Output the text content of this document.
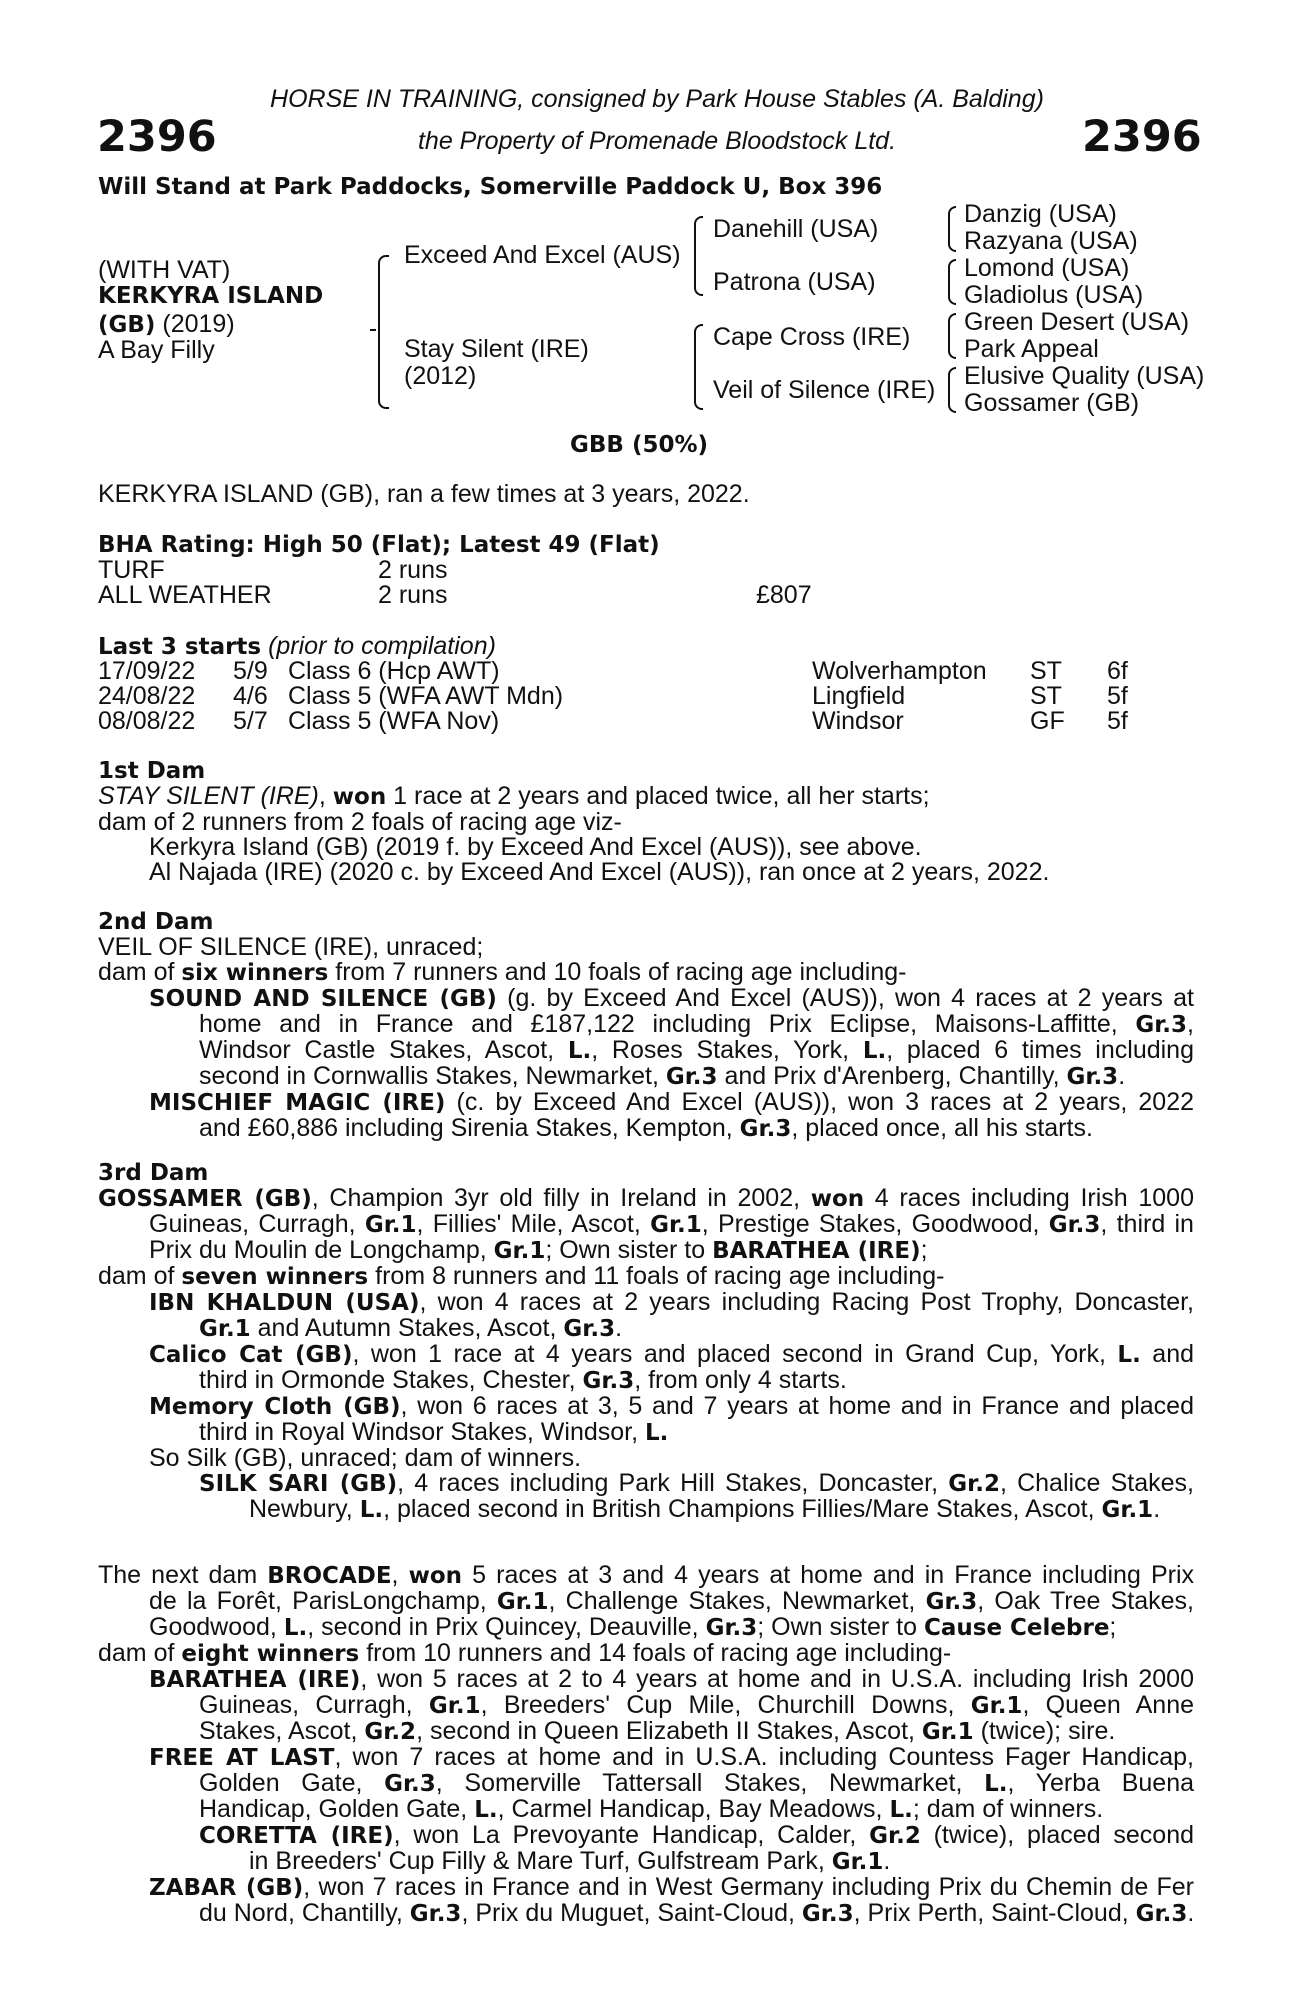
2396	2396
HORSE IN TRAINING, consigned by Park House Stables (A. Balding)
the Property of Promenade Bloodstock Ltd.
Will Stand at Park Paddocks, Somerville Paddock U, Box 396
(WITH VAT)
KERKYRA ISLAND
(GB) (2019)
A Bay Filly
Exceed And Excel (AUS)
Stay Silent (IRE)
(2012)
Danehill (USA)
Patrona (USA)
Cape Cross (IRE)
Veil of Silence (IRE)
Danzig (USA)
Razyana (USA)
Lomond (USA)
Gladiolus (USA)
Green Desert (USA)
Park Appeal
Elusive Quality (USA)
Gossamer (GB)
GBB (50%)
KERKYRA ISLAND (GB), ran a few times at 3 years, 2022.
BHA Rating: High 50 (Flat); Latest 49 (Flat)
TURF	2 runs
ALL WEATHER	2 runs	£807
Last 3 starts (prior to compilation)
17/09/22 5/9 Class 6 (Hcp AWT)	Wolverhampton ST 6f
24/08/22 4/6 Class 5 (WFA AWT Mdn)	Lingfield	ST 5f
08/08/22 5/7 Class 5 (WFA Nov)	Windsor	GF 5f
1st Dam
STAY SILENT (IRE), won 1 race at 2 years and placed twice, all her starts;
dam of 2 runners from 2 foals of racing age viz-
Kerkyra Island (GB) (2019 f. by Exceed And Excel (AUS)), see above.
Al Najada (IRE) (2020 c. by Exceed And Excel (AUS)), ran once at 2 years, 2022.
2nd Dam
VEIL OF SILENCE (IRE), unraced;
dam of six winners from 7 runners and 10 foals of racing age including-
SOUND AND SILENCE (GB) (g. by Exceed And Excel (AUS)), won 4 races at 2 years at
home and in France and £187,122 including Prix Eclipse, Maisons-Laffitte, Gr.3,
Windsor Castle Stakes, Ascot, L., Roses Stakes, York, L., placed 6 times including
second in Cornwallis Stakes, Newmarket, Gr.3 and Prix d'Arenberg, Chantilly, Gr.3.
MISCHIEF MAGIC (IRE) (c. by Exceed And Excel (AUS)), won 3 races at 2 years, 2022
and £60,886 including Sirenia Stakes, Kempton, Gr.3, placed once, all his starts.
3rd Dam
GOSSAMER (GB), Champion 3yr old filly in Ireland in 2002, won 4 races including Irish 1000
Guineas, Curragh, Gr.1, Fillies' Mile, Ascot, Gr.1, Prestige Stakes, Goodwood, Gr.3, third in
Prix du Moulin de Longchamp, Gr.1; Own sister to BARATHEA (IRE);
dam of seven winners from 8 runners and 11 foals of racing age including-
IBN KHALDUN (USA), won 4 races at 2 years including Racing Post Trophy, Doncaster,
Gr.1 and Autumn Stakes, Ascot, Gr.3.
Calico Cat (GB), won 1 race at 4 years and placed second in Grand Cup, York, L. and
third in Ormonde Stakes, Chester, Gr.3, from only 4 starts.
Memory Cloth (GB), won 6 races at 3, 5 and 7 years at home and in France and placed
third in Royal Windsor Stakes, Windsor, L.
So Silk (GB), unraced; dam of winners.
SILK SARI (GB), 4 races including Park Hill Stakes, Doncaster, Gr.2, Chalice Stakes,
Newbury, L., placed second in British Champions Fillies/Mare Stakes, Ascot, Gr.1.
The next dam BROCADE, won 5 races at 3 and 4 years at home and in France including Prix
de la Forêt, ParisLongchamp, Gr.1, Challenge Stakes, Newmarket, Gr.3, Oak Tree Stakes,
Goodwood, L., second in Prix Quincey, Deauville, Gr.3; Own sister to Cause Celebre;
dam of eight winners from 10 runners and 14 foals of racing age including-
BARATHEA (IRE), won 5 races at 2 to 4 years at home and in U.S.A. including Irish 2000
Guineas, Curragh, Gr.1, Breeders' Cup Mile, Churchill Downs, Gr.1, Queen Anne
Stakes, Ascot, Gr.2, second in Queen Elizabeth II Stakes, Ascot, Gr.1 (twice); sire.
FREE AT LAST, won 7 races at home and in U.S.A. including Countess Fager Handicap,
Golden Gate, Gr.3, Somerville Tattersall Stakes, Newmarket, L., Yerba Buena
Handicap, Golden Gate, L., Carmel Handicap, Bay Meadows, L.; dam of winners.
CORETTA (IRE), won La Prevoyante Handicap, Calder, Gr.2 (twice), placed second
in Breeders' Cup Filly & Mare Turf, Gulfstream Park, Gr.1.
ZABAR (GB), won 7 races in France and in West Germany including Prix du Chemin de Fer
du Nord, Chantilly, Gr.3, Prix du Muguet, Saint-Cloud, Gr.3, Prix Perth, Saint-Cloud, Gr.3.
